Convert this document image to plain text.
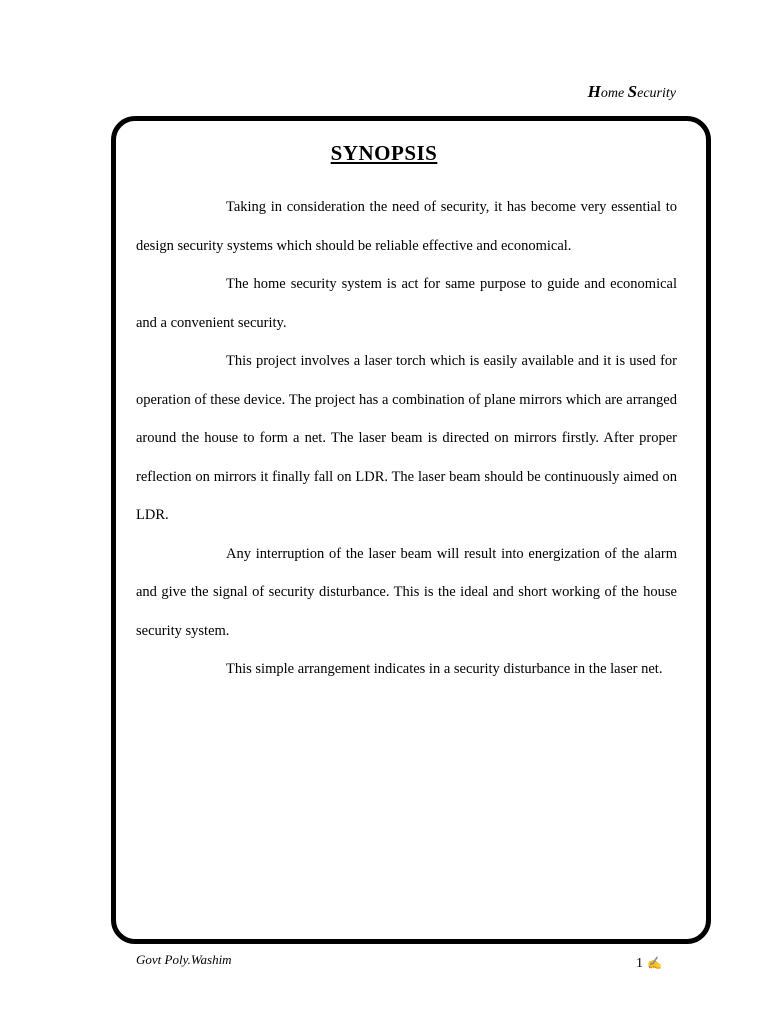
Home Security
SYNOPSIS

Taking in consideration the need of security, it has become very essential to design security systems which should be reliable effective and economical.

The home security system is act for same purpose to guide and economical and a convenient security.

This project involves a laser torch which is easily available and it is used for operation of these device. The project has a combination of plane mirrors which are arranged around the house to form a net. The laser beam is directed on mirrors firstly. After proper reflection on mirrors it finally fall on LDR. The laser beam should be continuously aimed on LDR.

Any interruption of the laser beam will result into energization of the alarm and give the signal of security disturbance. This is the ideal and short working of the house security system.

This simple arrangement indicates in a security disturbance in the laser net.

Govt Poly.Washim	1 ✍
